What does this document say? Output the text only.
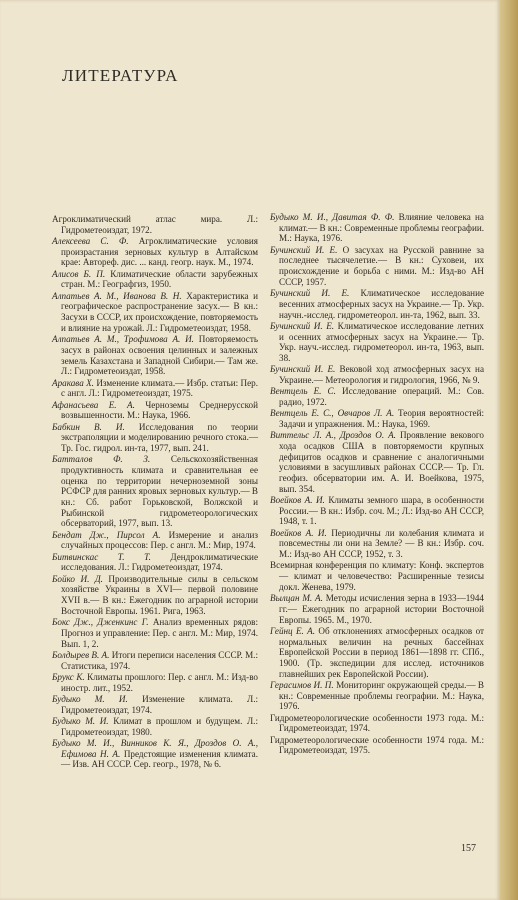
ЛИТЕРАТУРА

Агроклиматический атлас мира. Л.: Гидрометеоиздат, 1972.

Алексеева С. Ф. Агроклиматические условия произрастания зерновых культур в Алтайском крае: Автореф. дис. ... канд. геогр. наук. М., 1974.

Алисов Б. П. Климатические области зарубежных стран. М.: Географгиз, 1950.

Алпатьев А. М., Иванова В. Н. Характеристика и географическое распространение засух.— В кн.: Засухи в СССР, их происхождение, повторяемость и влияние на урожай. Л.: Гидрометеоиздат, 1958.

Алпатьев А. М., Трофимова А. И. Повторяемость засух в районах освоения целинных и залежных земель Казахстана и Западной Сибири.— Там же. Л.: Гидрометеоиздат, 1958.

Аракава X. Изменение климата.— Избр. статьи: Пер. с англ. Л.: Гидрометеоиздат, 1975.

Афанасьева Е. А. Черноземы Среднерусской возвышенности. М.: Наука, 1966.

Бабкин В. И. Исследования по теории экстраполяции и моделированию речного стока.— Тр. Гос. гидрол. ин-та, 1977, вып. 241.

Батталов Ф. З. Сельскохозяйственная продуктивность климата и сравнительная ее оценка по территории нечерноземной зоны РСФСР для ранних яровых зерновых культур.— В кн.: Сб. работ Горьковской, Волжской и Рыбинской гидрометеорологических обсерваторий, 1977, вып. 13.

Бендат Дж., Пирсол А. Измерение и анализ случайных процессов: Пер. с англ. М.: Мир, 1974.

Битвинскас Т. Т. Дендроклиматические исследования. Л.: Гидрометеоиздат, 1974.

Бойко И. Д. Производительные силы в сельском хозяйстве Украины в XVI— первой половине XVII в.— В кн.: Ежегодник по аграрной истории Восточной Европы. 1961. Рига, 1963.

Бокс Дж., Дженкинс Г. Анализ временных рядов: Прогноз и управление: Пер. с англ. М.: Мир, 1974. Вып. 1, 2.

Болдырев В. А. Итоги переписи населения СССР. М.: Статистика, 1974.

Брукс К. Климаты прошлого: Пер. с англ. М.: Изд-во иностр. лит., 1952.

Будыко М. И. Изменение климата. Л.: Гидрометеоиздат, 1974.

Будыко М. И. Климат в прошлом и будущем. Л.: Гидрометеоиздат, 1980.

Будыко М. И., Винников К. Я., Дроздов О. А., Ефимова Н. А. Предстоящие изменения климата.— Изв. АН СССР. Сер. геогр., 1978, № 6.

Будыко М. И., Давитая Ф. Ф. Влияние человека на климат.— В кн.: Современные проблемы географии. М.: Наука, 1976.

Бучинский И. Е. О засухах на Русской равнине за последнее тысячелетие.— В кн.: Суховеи, их происхождение и борьба с ними. М.: Изд-во АН СССР, 1957.

Бучинский И. Е. Климатическое исследование весенних атмосферных засух на Украине.— Тр. Укр. научн.-исслед. гидрометеорол. ин-та, 1962, вып. 33.

Бучинский И. Е. Климатическое исследование летних и осенних атмосферных засух на Украине.— Тр. Укр. науч.-исслед. гидрометеорол. ин-та, 1963, вып. 38.

Бучинский И. Е. Вековой ход атмосферных засух на Украине.— Метеорология и гидрология, 1966, № 9.

Вентцель Е. С. Исследование операций. М.: Сов. радио, 1972.

Вентцель Е. С., Овчаров Л. А. Теория вероятностей: Задачи и упражнения. М.: Наука, 1969.

Виттельс Л. А., Дроздов О. А. Проявление векового хода осадков США в повторяемости крупных дефицитов осадков и сравнение с аналогичными условиями в засушливых районах СССР.— Тр. Гл. геофиз. обсерватории им. А. И. Воейкова, 1975, вып. 354.

Воейков А. И. Климаты земного шара, в особенности России.— В кн.: Избр. соч. М.; Л.: Изд-во АН СССР, 1948, т. 1.

Воейков А. И. Периодичны ли колебания климата и повсеместны ли они на Земле? — В кн.: Избр. соч. М.: Изд-во АН СССР, 1952, т. 3.

Всемирная конференция по климату: Конф. экспертов — климат и человечество: Расширенные тезисы докл. Женева, 1979.

Вылцан М. А. Методы исчисления зерна в 1933—1944 гг.— Ежегодник по аграрной истории Восточной Европы. 1965. М., 1970.

Гейнц Е. А. Об отклонениях атмосферных осадков от нормальных величин на речных бассейнах Европейской России в период 1861—1898 гг. СПб., 1900. (Тр. экспедиции для исслед. источников главнейших рек Европейской России).

Герасимов И. П. Мониторинг окружающей среды.— В кн.: Современные проблемы географии. М.: Наука, 1976.

Гидрометеорологические особенности 1973 года. М.: Гидрометеоиздат, 1974.

Гидрометеорологические особенности 1974 года. М.: Гидрометеоиздат, 1975.

157
